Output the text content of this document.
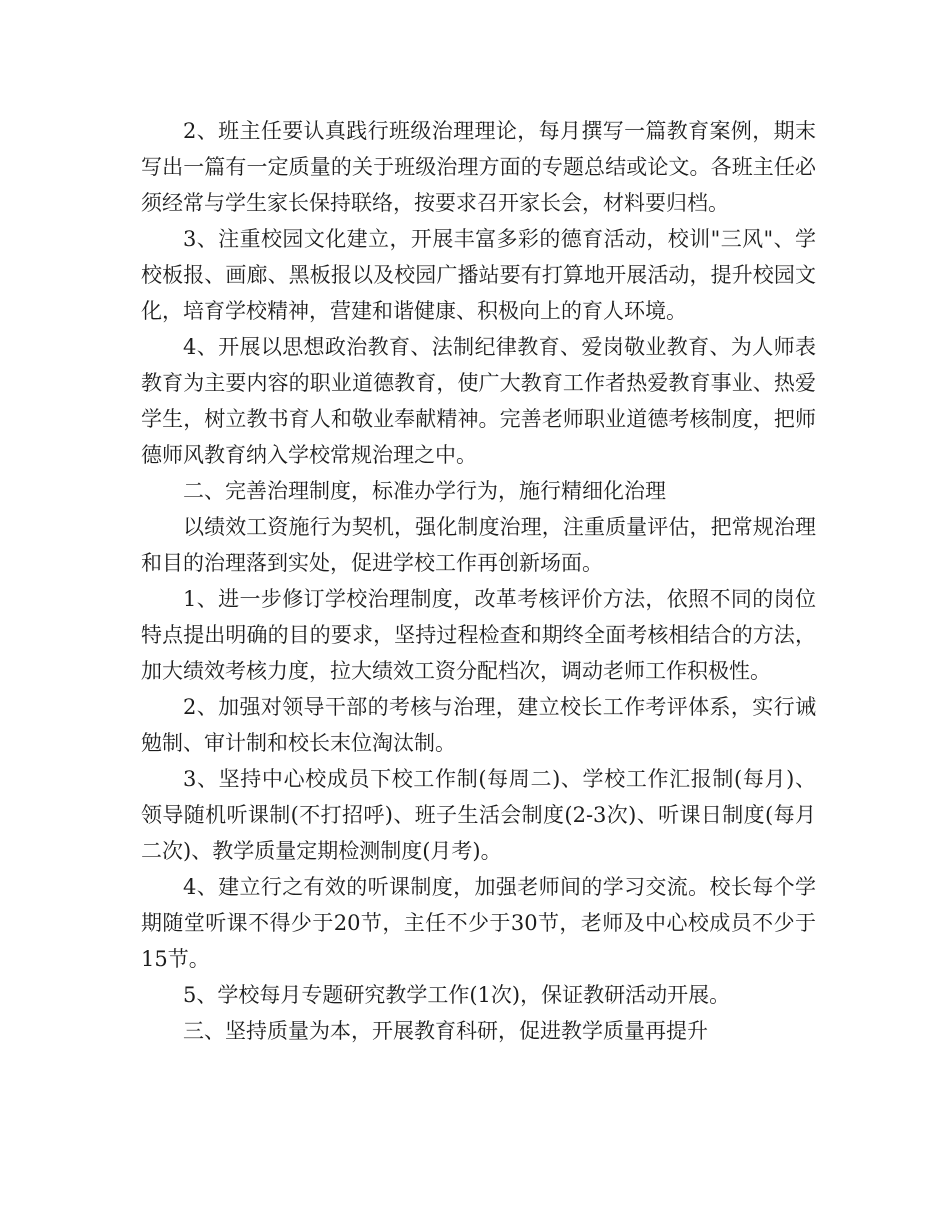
2、班主任要认真践行班级治理理论，每月撰写一篇教育案例，期末写出一篇有一定质量的关于班级治理方面的专题总结或论文。各班主任必须经常与学生家长保持联络，按要求召开家长会，材料要归档。

3、注重校园文化建立，开展丰富多彩的德育活动，校训"三风"、学校板报、画廊、黑板报以及校园广播站要有打算地开展活动，提升校园文化，培育学校精神，营建和谐健康、积极向上的育人环境。

4、开展以思想政治教育、法制纪律教育、爱岗敬业教育、为人师表教育为主要内容的职业道德教育，使广大教育工作者热爱教育事业、热爱学生，树立教书育人和敬业奉献精神。完善老师职业道德考核制度，把师德师风教育纳入学校常规治理之中。

二、完善治理制度，标准办学行为，施行精细化治理

以绩效工资施行为契机，强化制度治理，注重质量评估，把常规治理和目的治理落到实处，促进学校工作再创新场面。

1、进一步修订学校治理制度，改革考核评价方法，依照不同的岗位特点提出明确的目的要求，坚持过程检查和期终全面考核相结合的方法，加大绩效考核力度，拉大绩效工资分配档次，调动老师工作积极性。

2、加强对领导干部的考核与治理，建立校长工作考评体系，实行诫勉制、审计制和校长末位淘汰制。

3、坚持中心校成员下校工作制(每周二)、学校工作汇报制(每月)、领导随机听课制(不打招呼)、班子生活会制度(2-3次)、听课日制度(每月二次)、教学质量定期检测制度(月考)。

4、建立行之有效的听课制度，加强老师间的学习交流。校长每个学期随堂听课不得少于20节，主任不少于30节，老师及中心校成员不少于15节。

5、学校每月专题研究教学工作(1次)，保证教研活动开展。

三、坚持质量为本，开展教育科研，促进教学质量再提升
